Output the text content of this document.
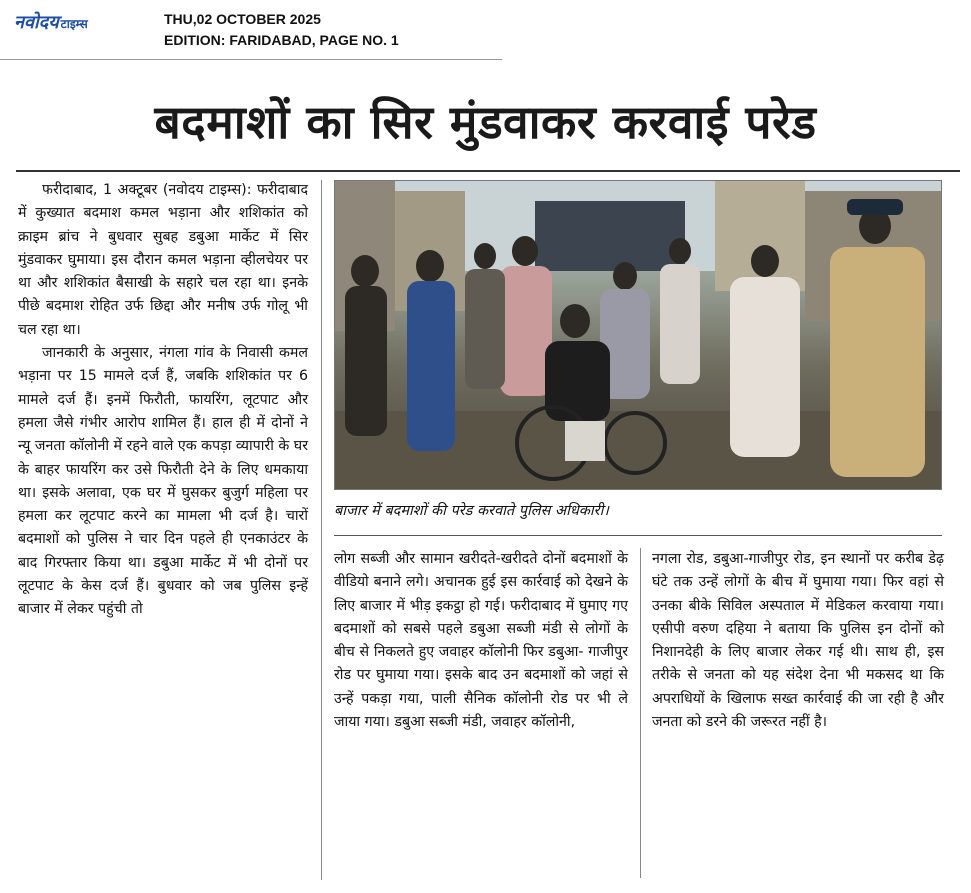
नवोदय टाइम्स	THU,02 OCTOBER 2025
EDITION: FARIDABAD, PAGE NO. 1
बदमाशों का सिर मुंडवाकर करवाई परेड

फरीदाबाद, 1 अक्टूबर (नवोदय टाइम्स): फरीदाबाद में कुख्यात बदमाश कमल भड़ाना और शशिकांत को क्राइम ब्रांच ने बुधवार सुबह डबुआ मार्केट में सिर मुंडवाकर घुमाया। इस दौरान कमल भड़ाना व्हीलचेयर पर था और शशिकांत बैसाखी के सहारे चल रहा था। इनके पीछे बदमाश रोहित उर्फ छिद्दा और मनीष उर्फ गोलू भी चल रहा था।

जानकारी के अनुसार, नंगला गांव के निवासी कमल भड़ाना पर 15 मामले दर्ज हैं, जबकि शशिकांत पर 6 मामले दर्ज हैं। इनमें फिरौती, फायरिंग, लूटपाट और हमला जैसे गंभीर आरोप शामिल हैं। हाल ही में दोनों ने न्यू जनता कॉलोनी में रहने वाले एक कपड़ा व्यापारी के घर के बाहर फायरिंग कर उसे फिरौती देने के लिए धमकाया था। इसके अलावा, एक घर में घुसकर बुजुर्ग महिला पर हमला कर लूटपाट करने का मामला भी दर्ज है। चारों बदमाशों को पुलिस ने चार दिन पहले ही एनकाउंटर के बाद गिरफ्तार किया था। डबुआ मार्केट में भी दोनों पर लूटपाट के केस दर्ज हैं। बुधवार को जब पुलिस इन्हें बाजार में लेकर पहुंची तो

बाजार में बदमाशों की परेड करवाते पुलिस अधिकारी।
लोग सब्जी और सामान खरीदते-खरीदते दोनों बदमाशों के वीडियो बनाने लगे। अचानक हुई इस कार्रवाई को देखने के लिए बाजार में भीड़ इकट्ठा हो गई। फरीदाबाद में घुमाए गए बदमाशों को सबसे पहले डबुआ सब्जी मंडी से लोगों के बीच से निकलते हुए जवाहर कॉलोनी फिर डबुआ- गाजीपुर रोड पर घुमाया गया। इसके बाद उन बदमाशों को जहां से उन्हें पकड़ा गया, पाली सैनिक कॉलोनी रोड पर भी ले जाया गया। डबुआ सब्जी मंडी, जवाहर कॉलोनी,
नगला रोड, डबुआ-गाजीपुर रोड, इन स्थानों पर करीब डेढ़ घंटे तक उन्हें लोगों के बीच में घुमाया गया। फिर वहां से उनका बीके सिविल अस्पताल में मेडिकल करवाया गया। एसीपी वरुण दहिया ने बताया कि पुलिस इन दोनों को निशानदेही के लिए बाजार लेकर गई थी। साथ ही, इस तरीके से जनता को यह संदेश देना भी मकसद था कि अपराधियों के खिलाफ सख्त कार्रवाई की जा रही है और जनता को डरने की जरूरत नहीं है।
